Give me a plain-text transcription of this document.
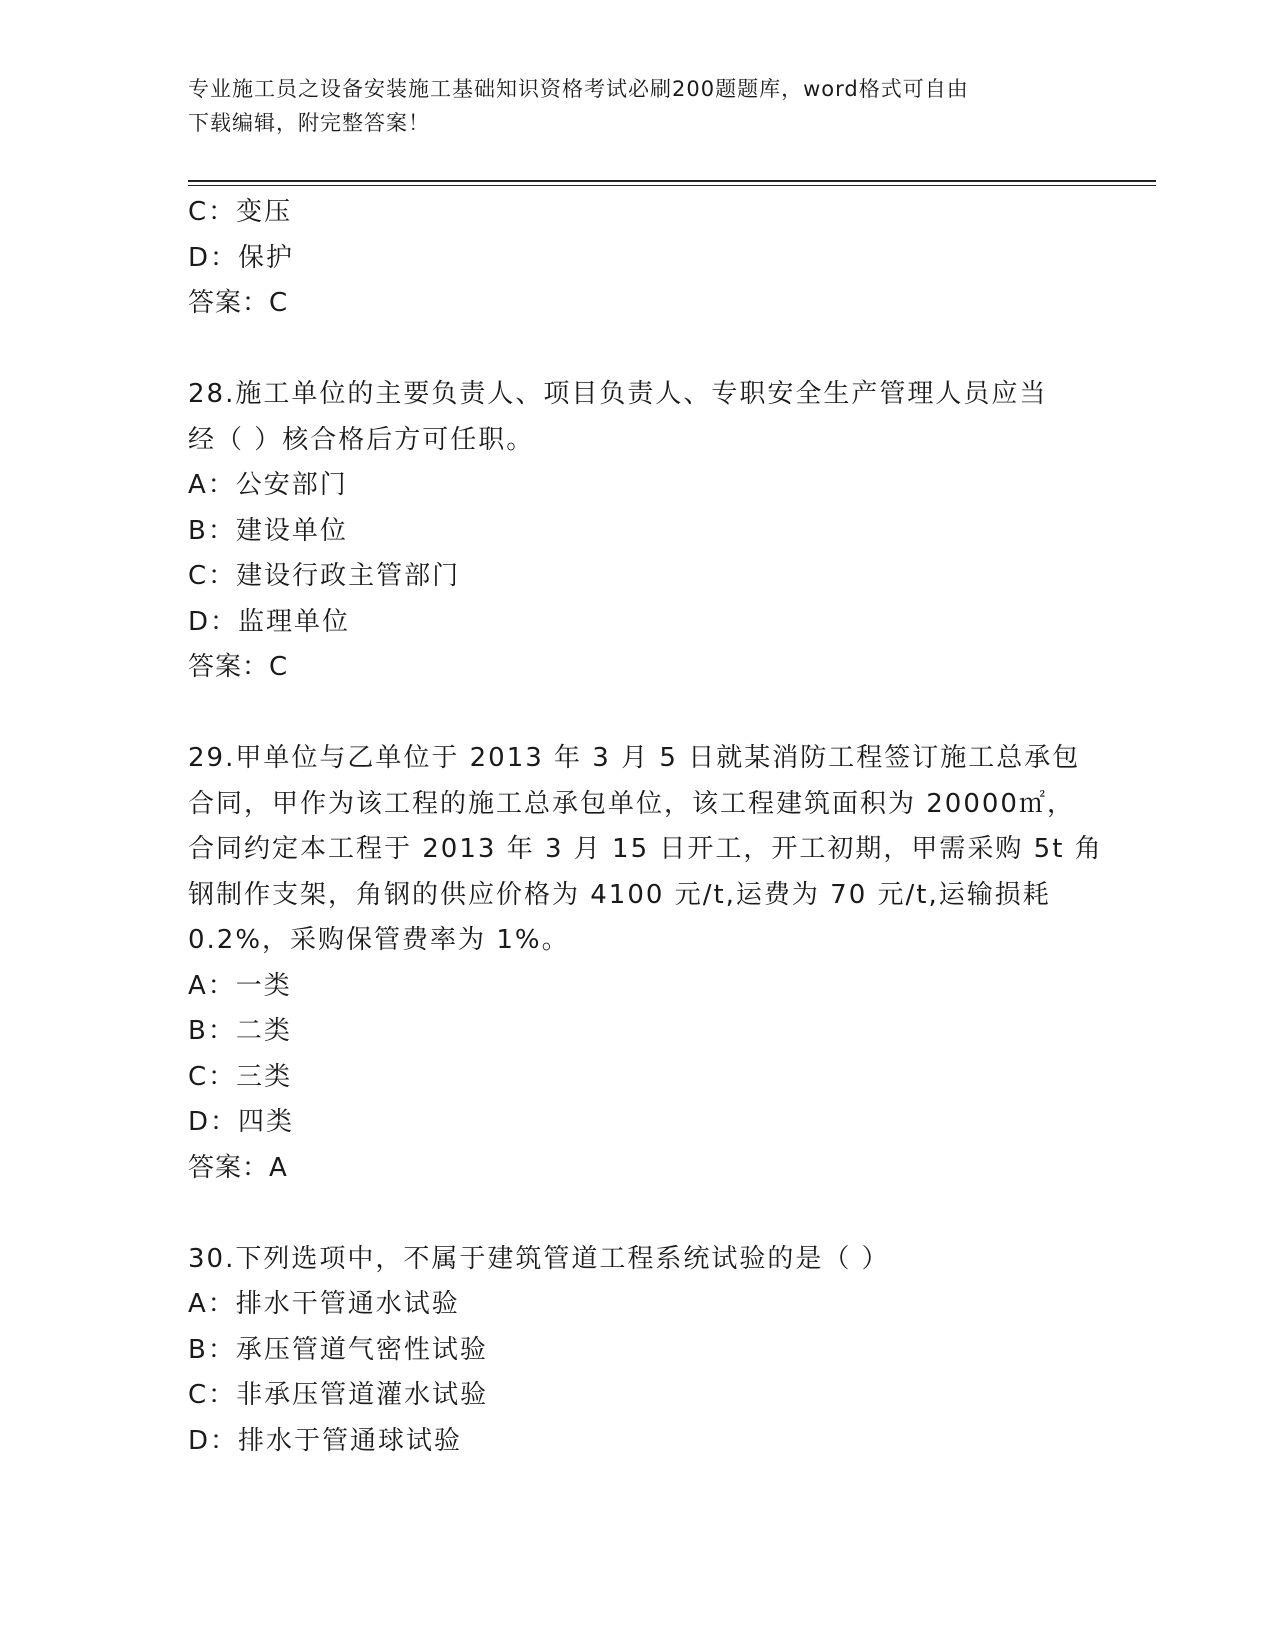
专业施工员之设备安装施工基础知识资格考试必刷200题题库，word格式可自由
下载编辑，附完整答案！
C：变压
D：保护
答案：C
28.施工单位的主要负责人、项目负责人、专职安全生产管理人员应当
经（ ）核合格后方可任职。
A：公安部门
B：建设单位
C：建设行政主管部门
D：监理单位
答案：C
29.甲单位与乙单位于 2013 年 3 月 5 日就某消防工程签订施工总承包
合同，甲作为该工程的施工总承包单位，该工程建筑面积为 20000㎡，
合同约定本工程于 2013 年 3 月 15 日开工，开工初期，甲需采购 5t 角
钢制作支架，角钢的供应价格为 4100 元/t,运费为 70 元/t,运输损耗
0.2%，采购保管费率为 1%。
A：一类
B：二类
C：三类
D：四类
答案：A
30.下列选项中，不属于建筑管道工程系统试验的是（ ）
A：排水干管通水试验
B：承压管道气密性试验
C：非承压管道灌水试验
D：排水于管通球试验
